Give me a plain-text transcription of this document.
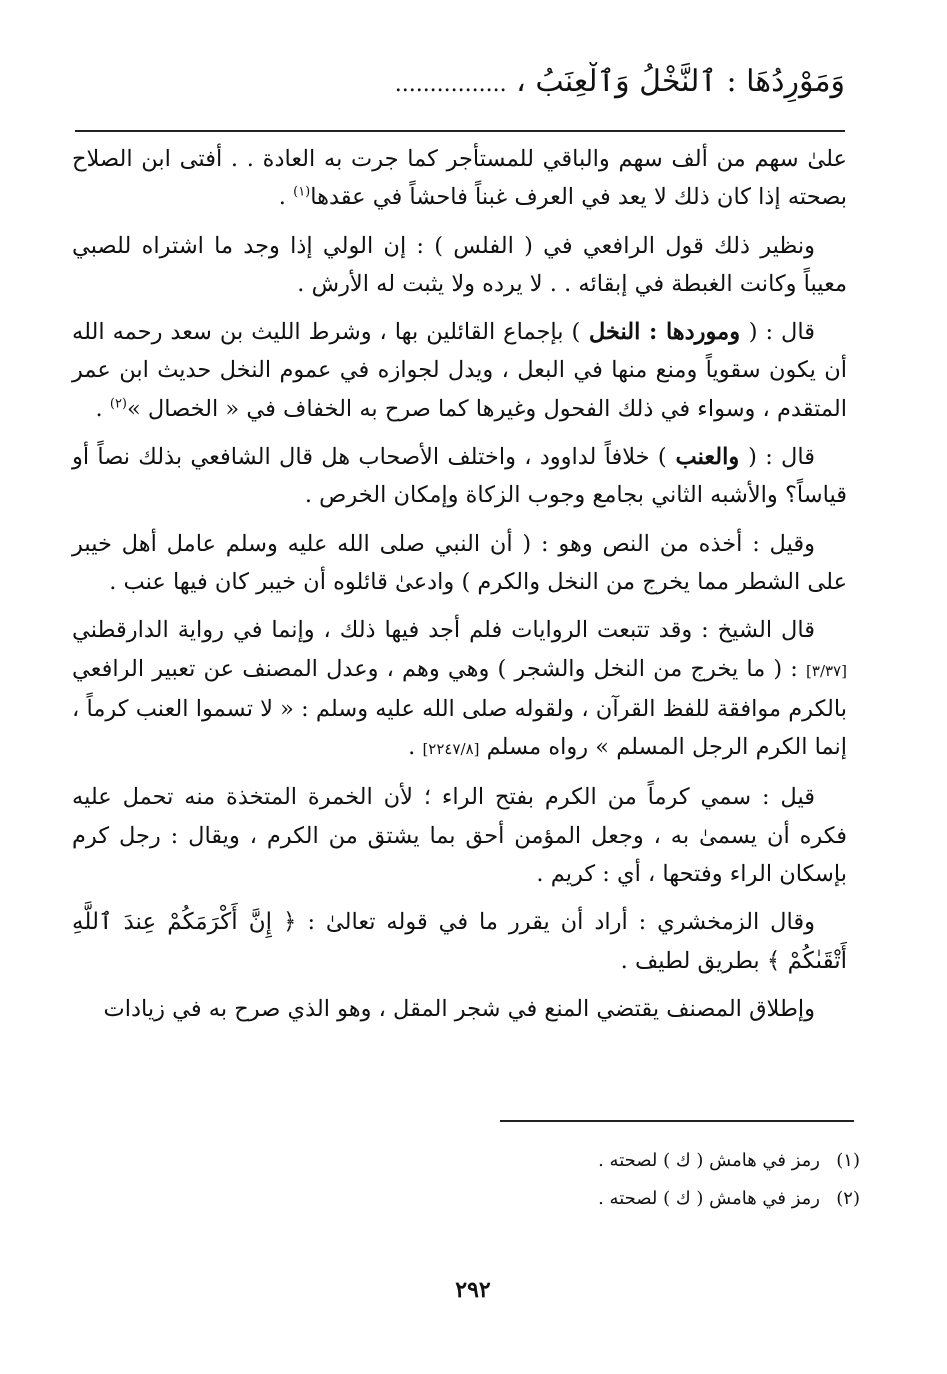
وَمَوْرِدُهَا : ٱلنَّخْلُ وَٱلْعِنَبُ ، ................

علىٰ سهم من ألف سهم والباقي للمستأجر كما جرت به العادة . . أفتى ابن الصلاح بصحته إذا كان ذلك لا يعد في العرف غبناً فاحشاً في عقدها$^{(١)}$ .

ونظير ذلك قول الرافعي في ( الفلس ) : إن الولي إذا وجد ما اشتراه للصبي معيباً وكانت الغبطة في إبقائه . . لا يرده ولا يثبت له الأرش .

قال : ( وموردها : النخل ) بإجماع القائلين بها ، وشرط الليث بن سعد رحمه الله أن يكون سقوياً ومنع منها في البعل ، ويدل لجوازه في عموم النخل حديث ابن عمر المتقدم ، وسواء في ذلك الفحول وغيرها كما صرح به الخفاف في « الخصال »$^{(٢)}$ .

قال : ( والعنب ) خلافاً لداوود ، واختلف الأصحاب هل قال الشافعي بذلك نصاً أو قياساً؟ والأشبه الثاني بجامع وجوب الزكاة وإمكان الخرص .

وقيل : أخذه من النص وهو : ( أن النبي صلى الله عليه وسلم عامل أهل خيبر على الشطر مما يخرج من النخل والكرم ) وادعىٰ قائلوه أن خيبر كان فيها عنب .

قال الشيخ : وقد تتبعت الروايات فلم أجد فيها ذلك ، وإنما في رواية الدارقطني [٣/٣٧] : ( ما يخرج من النخل والشجر ) وهي وهم ، وعدل المصنف عن تعبير الرافعي بالكرم موافقة للفظ القرآن ، ولقوله صلى الله عليه وسلم : « لا تسموا العنب كرماً ، إنما الكرم الرجل المسلم » رواه مسلم [٢٢٤٧/٨] .

قيل : سمي كرماً من الكرم بفتح الراء ؛ لأن الخمرة المتخذة منه تحمل عليه فكره أن يسمىٰ به ، وجعل المؤمن أحق بما يشتق من الكرم ، ويقال : رجل كرم بإسكان الراء وفتحها ، أي : كريم .

وقال الزمخشري : أراد أن يقرر ما في قوله تعالىٰ : ﴿ إِنَّ أَكْرَمَكُمْ عِندَ ٱللَّهِ أَتْقَىٰكُمْ ﴾ بطريق لطيف .

وإطلاق المصنف يقتضي المنع في شجر المقل ، وهو الذي صرح به في زيادات

(١)رمز في هامش ( ك ) لصحته .
(٢)رمز في هامش ( ك ) لصحته .
٢٩٢
